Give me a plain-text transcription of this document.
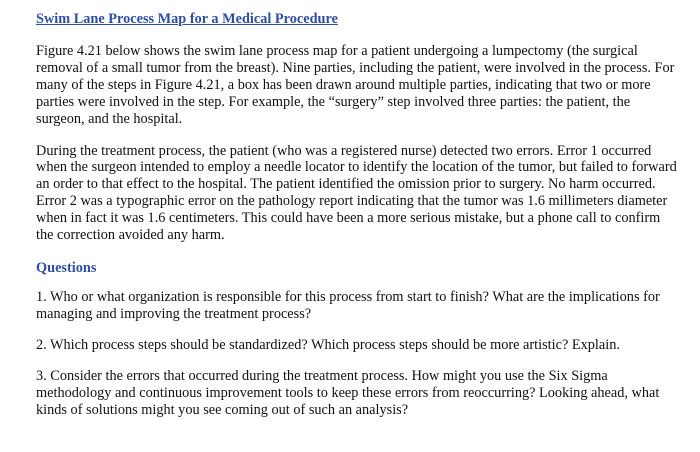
Swim Lane Process Map for a Medical Procedure

Figure 4.21 below shows the swim lane process map for a patient undergoing a lumpectomy (the surgical removal of a small tumor from the breast). Nine parties, including the patient, were involved in the process. For many of the steps in Figure 4.21, a box has been drawn around multiple parties, indicating that two or more parties were involved in the step. For example, the “surgery” step involved three parties: the patient, the surgeon, and the hospital.

During the treatment process, the patient (who was a registered nurse) detected two errors. Error 1 occurred when the surgeon intended to employ a needle locator to identify the location of the tumor, but failed to forward an order to that effect to the hospital. The patient identified the omission prior to surgery. No harm occurred. Error 2 was a typographic error on the pathology report indicating that the tumor was 1.6 millimeters diameter when in fact it was 1.6 centimeters. This could have been a more serious mistake, but a phone call to confirm the correction avoided any harm.

Questions

1. Who or what organization is responsible for this process from start to finish? What are the implications for managing and improving the treatment process?

2. Which process steps should be standardized? Which process steps should be more artistic? Explain.

3. Consider the errors that occurred during the treatment process. How might you use the Six Sigma methodology and continuous improvement tools to keep these errors from reoccurring? Looking ahead, what kinds of solutions might you see coming out of such an analysis?
